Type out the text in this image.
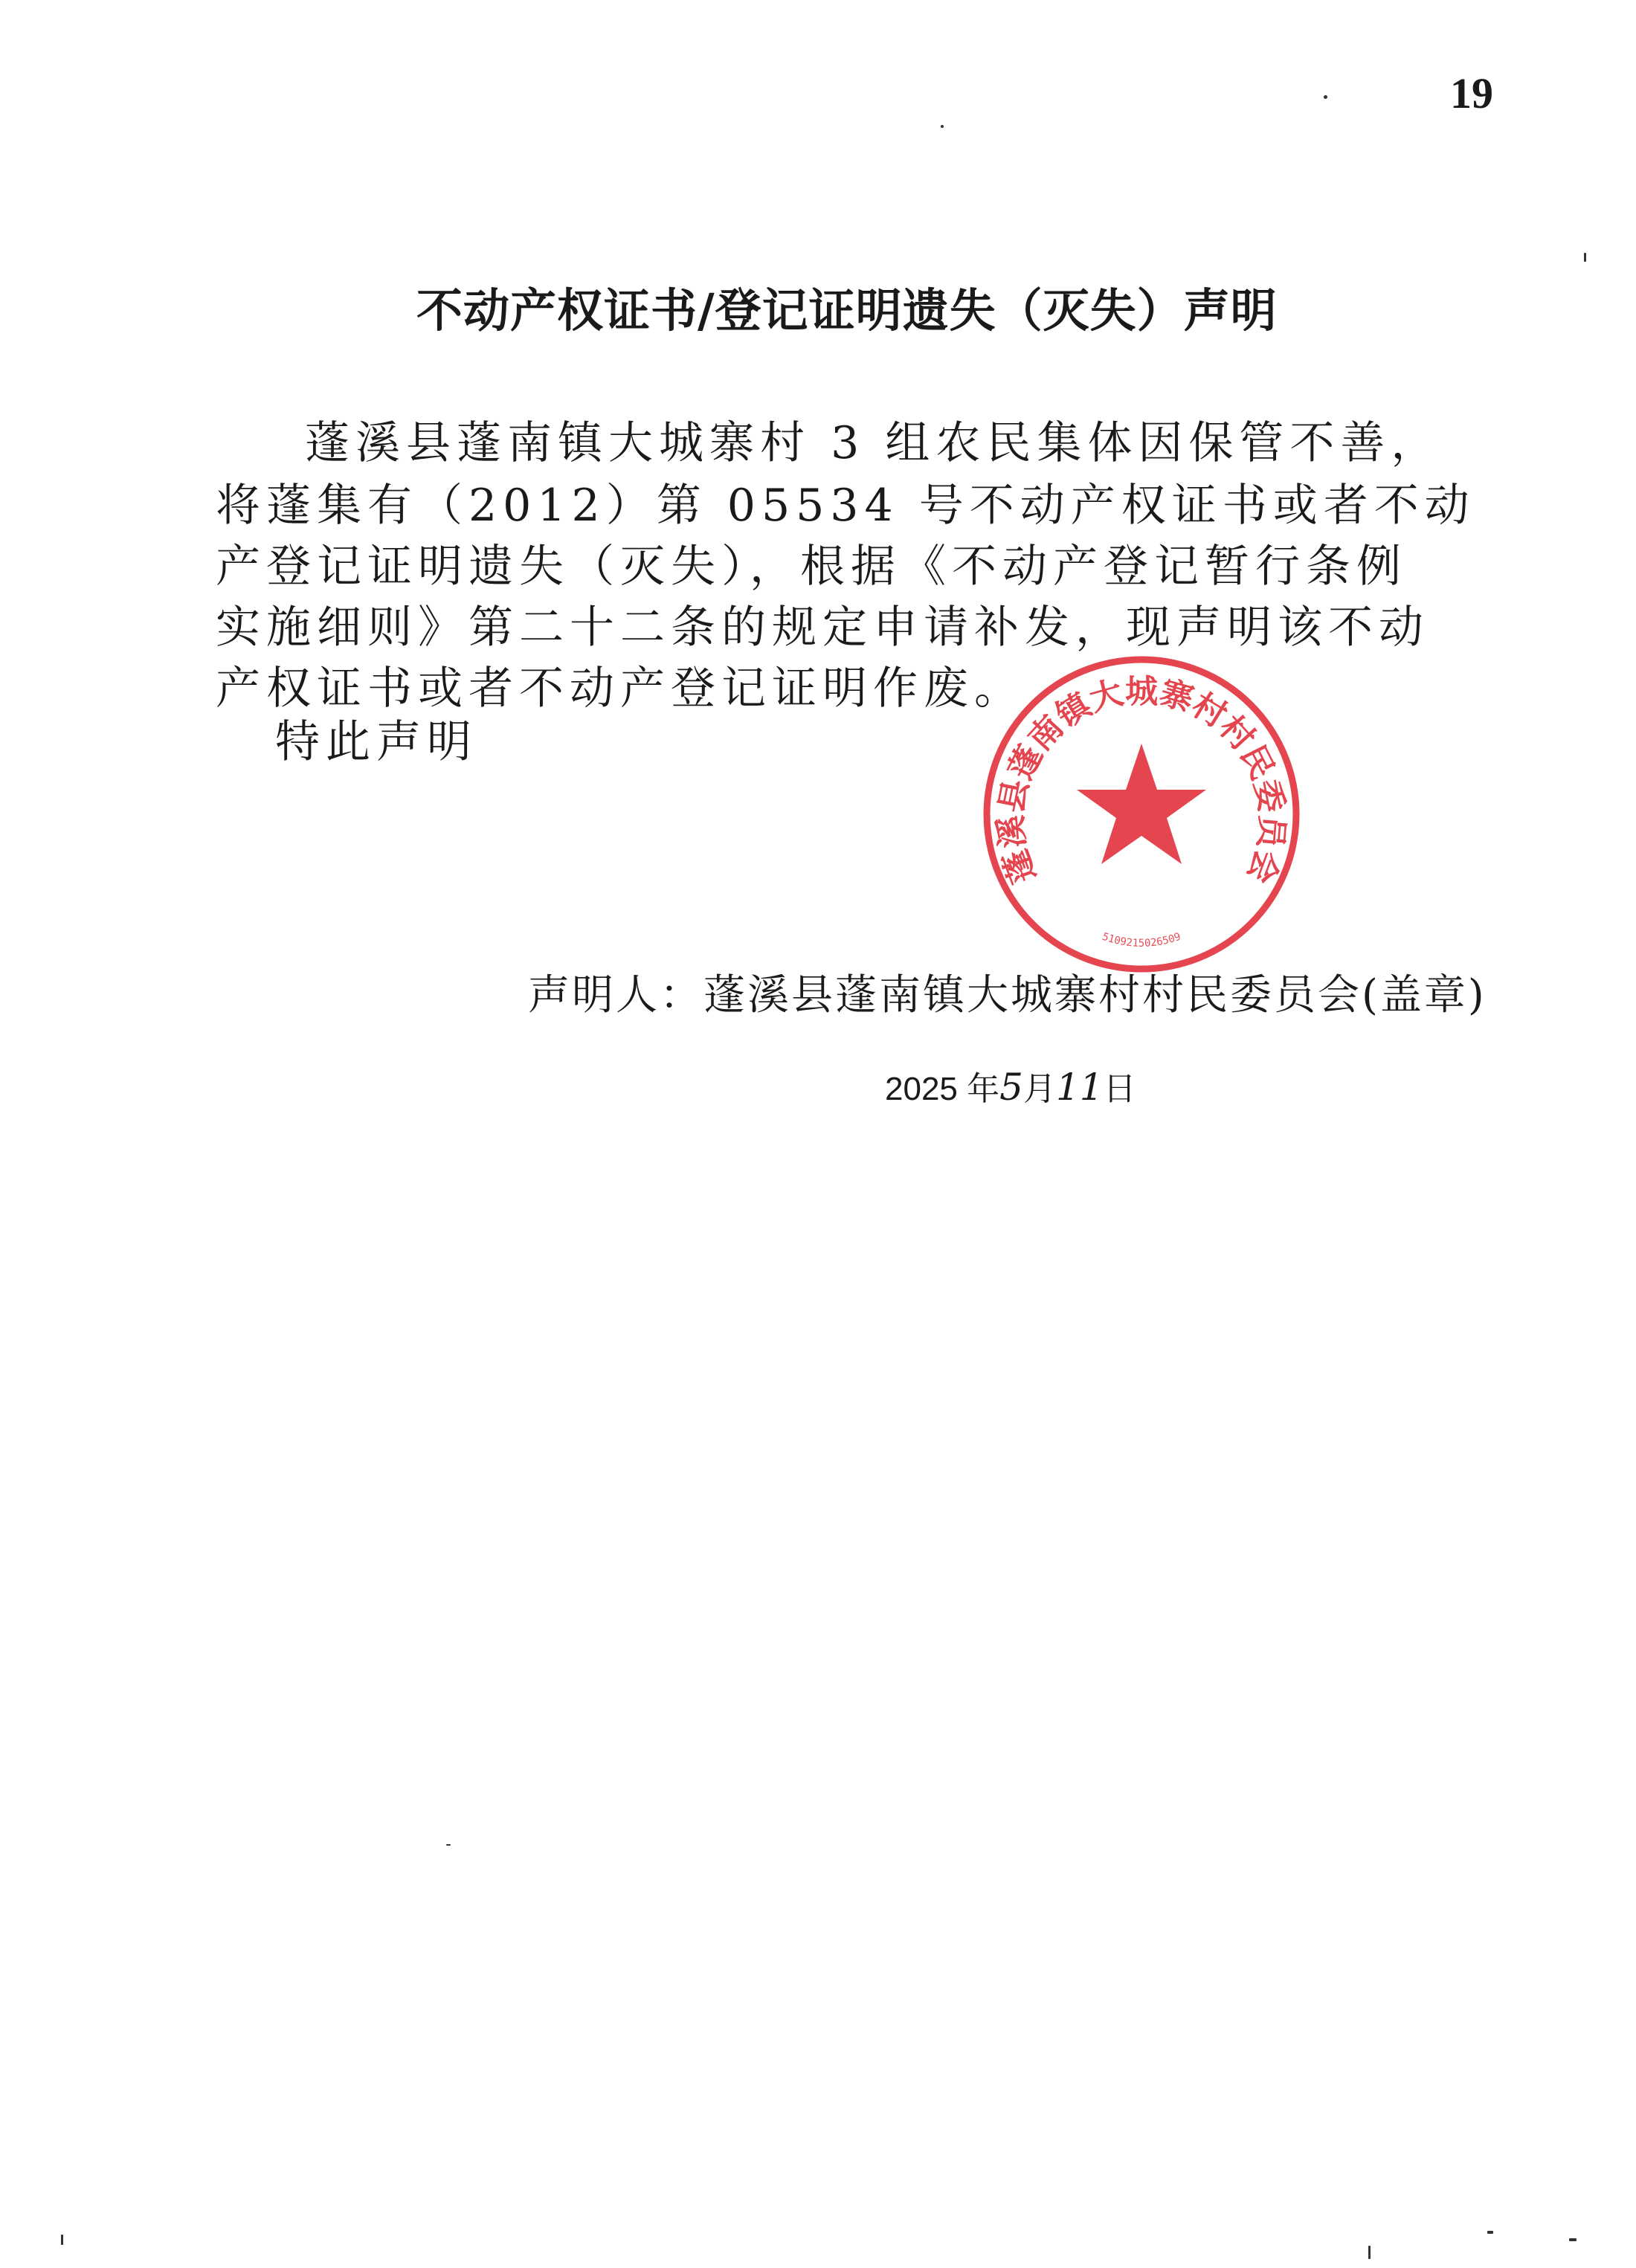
19
不动产权证书/登记证明遗失（灭失）声明
蓬溪县蓬南镇大城寨村 3 组农民集体因保管不善，
将蓬集有（2012）第 05534 号不动产权证书或者不动
产登记证明遗失（灭失），根据《不动产登记暂行条例
实施细则》第二十二条的规定申请补发，现声明该不动
产权证书或者不动产登记证明作废。
特此声明
声明人：蓬溪县蓬南镇大城寨村村民委员会(盖章)
2025 年5月11日
蓬溪县蓬南镇大城寨村村民委员会
5109215026509
